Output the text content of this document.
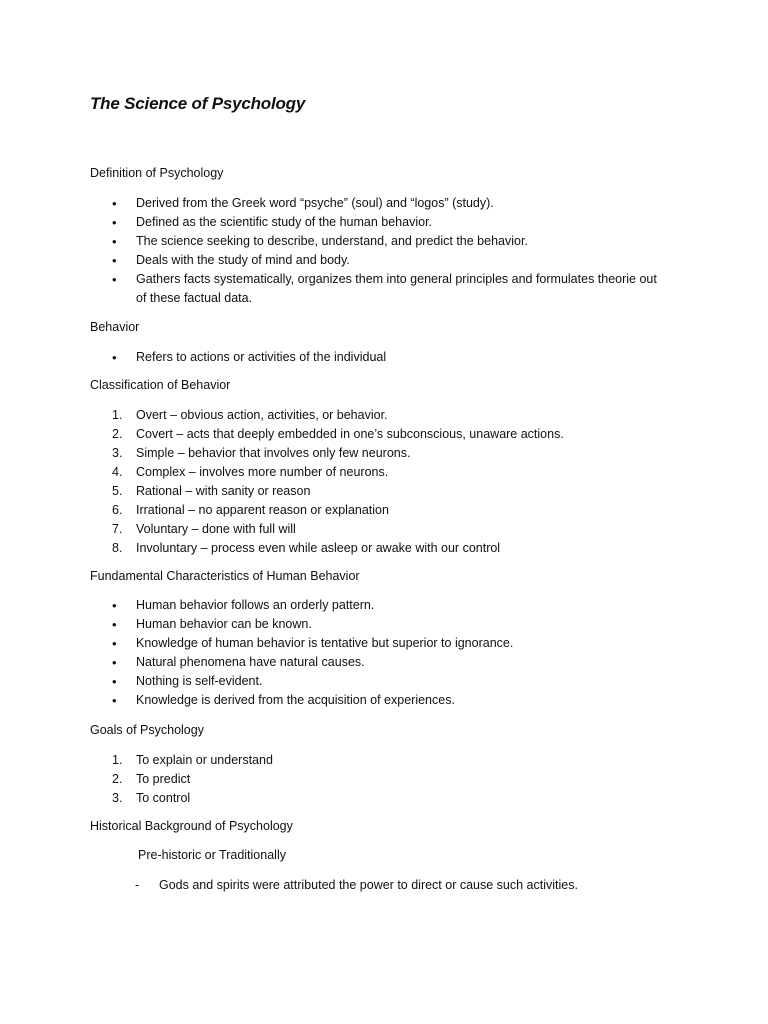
The Science of Psychology
Definition of Psychology
• Derived from the Greek word “psyche” (soul) and “logos” (study).
• Defined as the scientific study of the human behavior.
• The science seeking to describe, understand, and predict the behavior.
• Deals with the study of mind and body.
• Gathers facts systematically, organizes them into general principles and formulates theorie out
of these factual data.
Behavior
• Refers to actions or activities of the individual
Classification of Behavior
1. Overt – obvious action, activities, or behavior.
2. Covert – acts that deeply embedded in one’s subconscious, unaware actions.
3. Simple – behavior that involves only few neurons.
4. Complex – involves more number of neurons.
5. Rational – with sanity or reason
6. Irrational – no apparent reason or explanation
7. Voluntary – done with full will
8. Involuntary – process even while asleep or awake with our control
Fundamental Characteristics of Human Behavior
• Human behavior follows an orderly pattern.
• Human behavior can be known.
• Knowledge of human behavior is tentative but superior to ignorance.
• Natural phenomena have natural causes.
• Nothing is self-evident.
• Knowledge is derived from the acquisition of experiences.
Goals of Psychology
1. To explain or understand
2. To predict
3. To control
Historical Background of Psychology
Pre-historic or Traditionally
- Gods and spirits were attributed the power to direct or cause such activities.
